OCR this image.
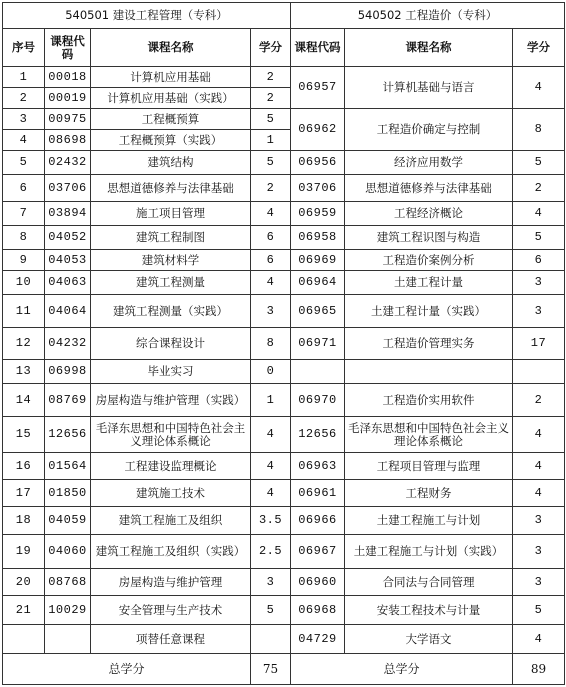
540501 建设工程管理（专科）				540502 工程造价（专科）		
序号	课程代码	课程名称	学分	课程代码	课程名称	学分
1	00018	计算机应用基础	2	06957	计算机基础与语言	4
2	00019	计算机应用基础（实践）	2			
3	00975	工程概预算	5	06962	工程造价确定与控制	8
4	08698	工程概预算（实践）	1			
5	02432	建筑结构	5	06956	经济应用数学	5
6	03706	思想道德修养与法律基础	2	03706	思想道德修养与法律基础	2
7	03894	施工项目管理	4	06959	工程经济概论	4
8	04052	建筑工程制图	6	06958	建筑工程识图与构造	5
9	04053	建筑材料学	6	06969	工程造价案例分析	6
10	04063	建筑工程测量	4	06964	土建工程计量	3
11	04064	建筑工程测量（实践）	3	06965	土建工程计量（实践）	3
12	04232	综合课程设计	8	06971	工程造价管理实务	17
13	06998	毕业实习	0			
14	08769	房屋构造与维护管理（实践）	1	06970	工程造价实用软件	2
15	12656	毛泽东思想和中国特色社会主义理论体系概论	4	12656	毛泽东思想和中国特色社会主义理论体系概论	4
16	01564	工程建设监理概论	4	06963	工程项目管理与监理	4
17	01850	建筑施工技术	4	06961	工程财务	4
18	04059	建筑工程施工及组织	3.5	06966	土建工程施工与计划	3
19	04060	建筑工程施工及组织（实践）	2.5	06967	土建工程施工与计划（实践）	3
20	08768	房屋构造与维护管理	3	06960	合同法与合同管理	3
21	10029	安全管理与生产技术	5	06968	安装工程技术与计量	5
		项替任意课程		04729	大学语文	4
总学分			75	总学分		89
